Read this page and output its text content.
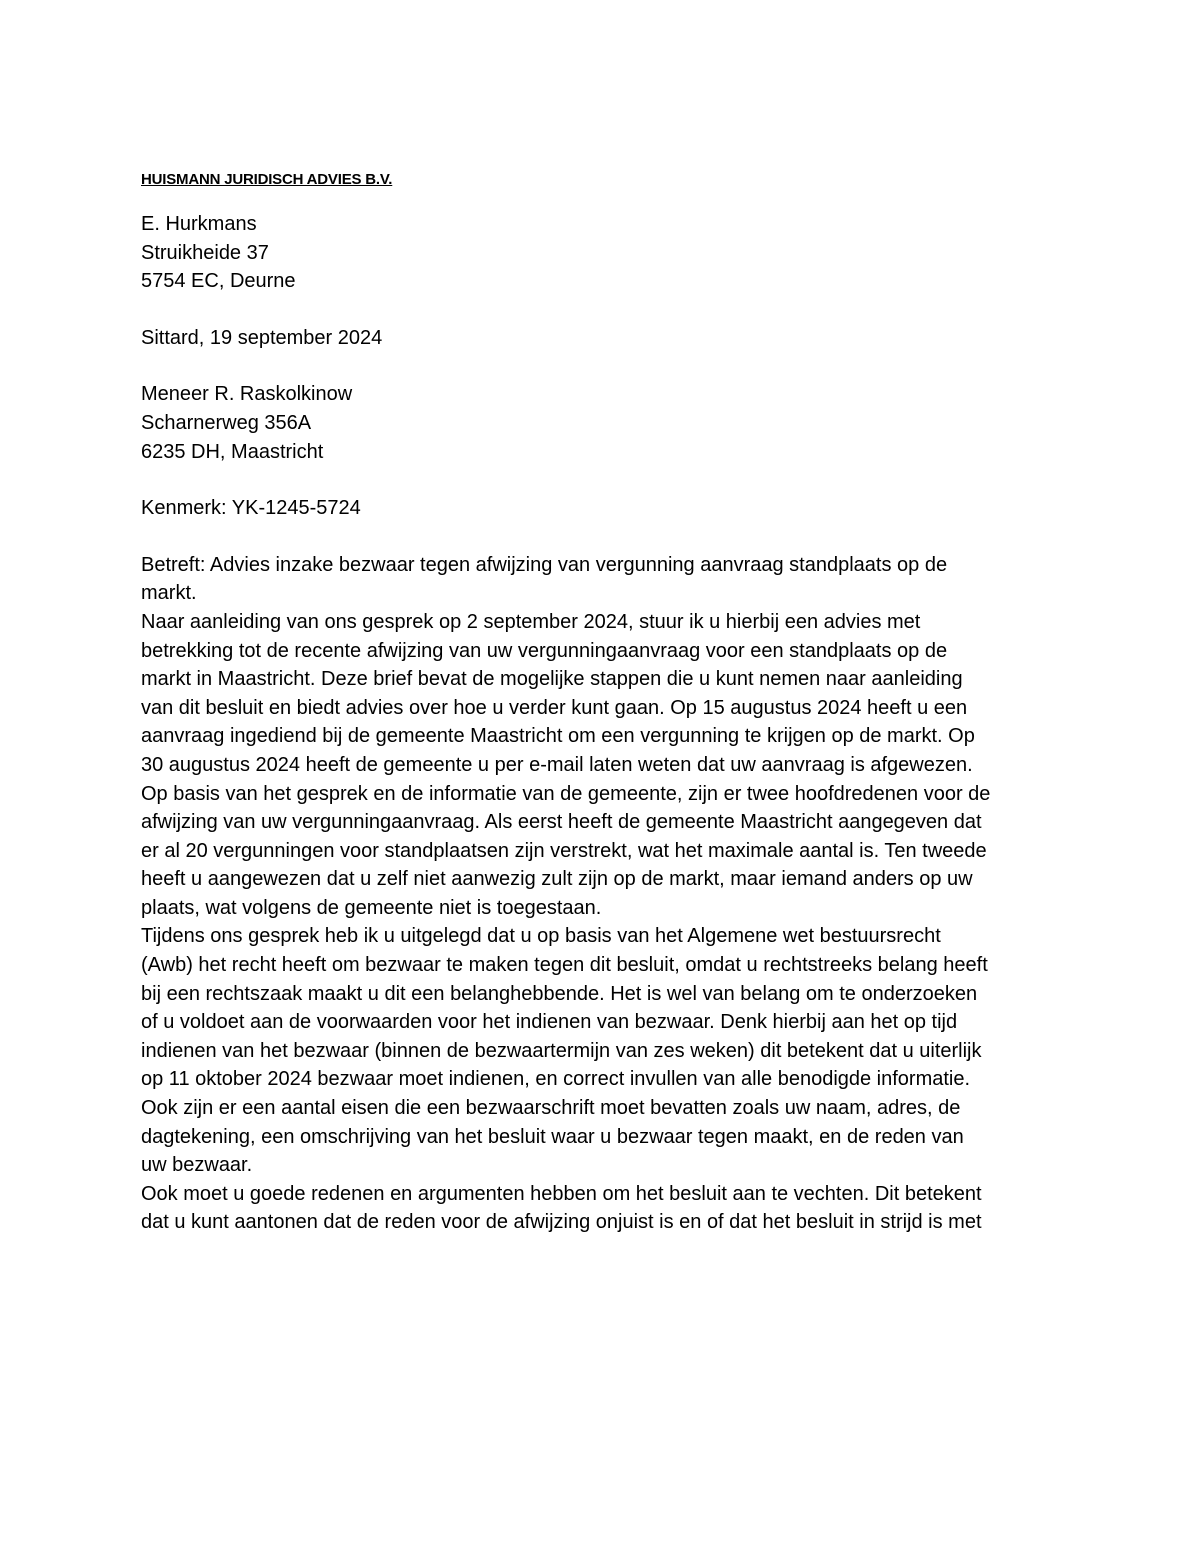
HUISMANN JURIDISCH ADVIES B.V.
E. Hurkmans
Struikheide 37
5754 EC, Deurne
Sittard, 19 september 2024
Meneer R. Raskolkinow
Scharnerweg 356A
6235 DH, Maastricht
Kenmerk: YK-1245-5724
Betreft: Advies inzake bezwaar tegen afwijzing van vergunning aanvraag standplaats op de
markt.
Naar aanleiding van ons gesprek op 2 september 2024, stuur ik u hierbij een advies met
betrekking tot de recente afwijzing van uw vergunningaanvraag voor een standplaats op de
markt in Maastricht. Deze brief bevat de mogelijke stappen die u kunt nemen naar aanleiding
van dit besluit en biedt advies over hoe u verder kunt gaan. Op 15 augustus 2024 heeft u een
aanvraag ingediend bij de gemeente Maastricht om een vergunning te krijgen op de markt. Op
30 augustus 2024 heeft de gemeente u per e-mail laten weten dat uw aanvraag is afgewezen.
Op basis van het gesprek en de informatie van de gemeente, zijn er twee hoofdredenen voor de
afwijzing van uw vergunningaanvraag. Als eerst heeft de gemeente Maastricht aangegeven dat
er al 20 vergunningen voor standplaatsen zijn verstrekt, wat het maximale aantal is. Ten tweede
heeft u aangewezen dat u zelf niet aanwezig zult zijn op de markt, maar iemand anders op uw
plaats, wat volgens de gemeente niet is toegestaan.
Tijdens ons gesprek heb ik u uitgelegd dat u op basis van het Algemene wet bestuursrecht
(Awb) het recht heeft om bezwaar te maken tegen dit besluit, omdat u rechtstreeks belang heeft
bij een rechtszaak maakt u dit een belanghebbende. Het is wel van belang om te onderzoeken
of u voldoet aan de voorwaarden voor het indienen van bezwaar. Denk hierbij aan het op tijd
indienen van het bezwaar (binnen de bezwaartermijn van zes weken) dit betekent dat u uiterlijk
op 11 oktober 2024 bezwaar moet indienen, en correct invullen van alle benodigde informatie.
Ook zijn er een aantal eisen die een bezwaarschrift moet bevatten zoals uw naam, adres, de
dagtekening, een omschrijving van het besluit waar u bezwaar tegen maakt, en de reden van
uw bezwaar.
Ook moet u goede redenen en argumenten hebben om het besluit aan te vechten. Dit betekent
dat u kunt aantonen dat de reden voor de afwijzing onjuist is en of dat het besluit in strijd is met
